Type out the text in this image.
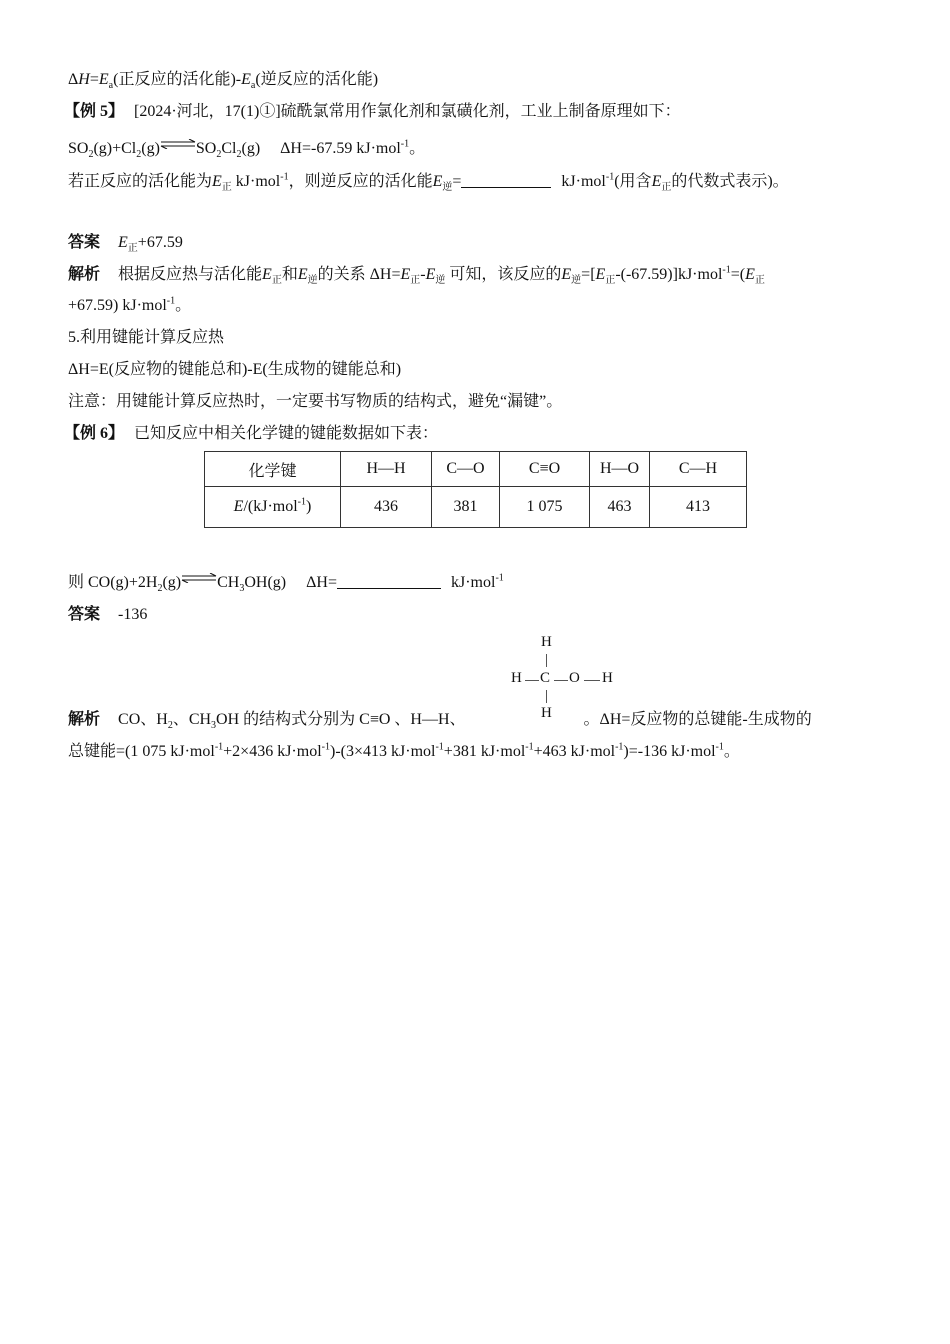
$\Delta H=E_a$(正反应的活化能)$-E_a$(逆反应的活化能)
【例 5】 [2024·河北，17(1)①]硫酰氯常用作氯化剂和氯磺化剂，工业上制备原理如下：
$SO_2(g)+Cl_2(g)\rightleftharpoons SO_2Cl_2(g)$ ΔH=-67.59 kJ·mol$^{-1}$。
若正反应的活化能为$E_正$ kJ·mol$^{-1}$，则逆反应的活化能$E_逆=$	kJ·mol$^{-1}$(用含$E_正$的代数式表示)。
答案 $E_正+67.59$
解析 根据反应热与活化能$E_正$和$E_逆$的关系 $\Delta H=E_正-E_逆$ 可知，该反应的$E_逆=[E_正-(-67.59)]kJ\cdot mol^{-1}=(E_正$
+67.59) kJ·mol$^{-1}$。
5.利用键能计算反应热
ΔH=E(反应物的键能总和)-E(生成物的键能总和)
注意：用键能计算反应热时，一定要书写物质的结构式，避免“漏键”。
【例 6】 已知反应中相关化学键的键能数据如下表：
化学键	H—H	C—O	C≡O	H—O	C—H
E/(kJ·mol$^{-1}$)	436	381	1 075	463	413
则 $CO(g)+2H_2(g)\rightleftharpoons CH_3OH(g)$ ΔH=	kJ·mol$^{-1}$
答案 -136
H
H C O H
H
解析 CO、$H_2$、$CH_3OH$ 的结构式分别为 C≡O 、H—H、	。ΔH=反应物的总键能-生成物的
总键能=(1 075 kJ·mol$^{-1}$+2×436 kJ·mol$^{-1}$)-(3×413 kJ·mol$^{-1}$+381 kJ·mol$^{-1}$+463 kJ·mol$^{-1}$)=-136 kJ·mol$^{-1}$。
